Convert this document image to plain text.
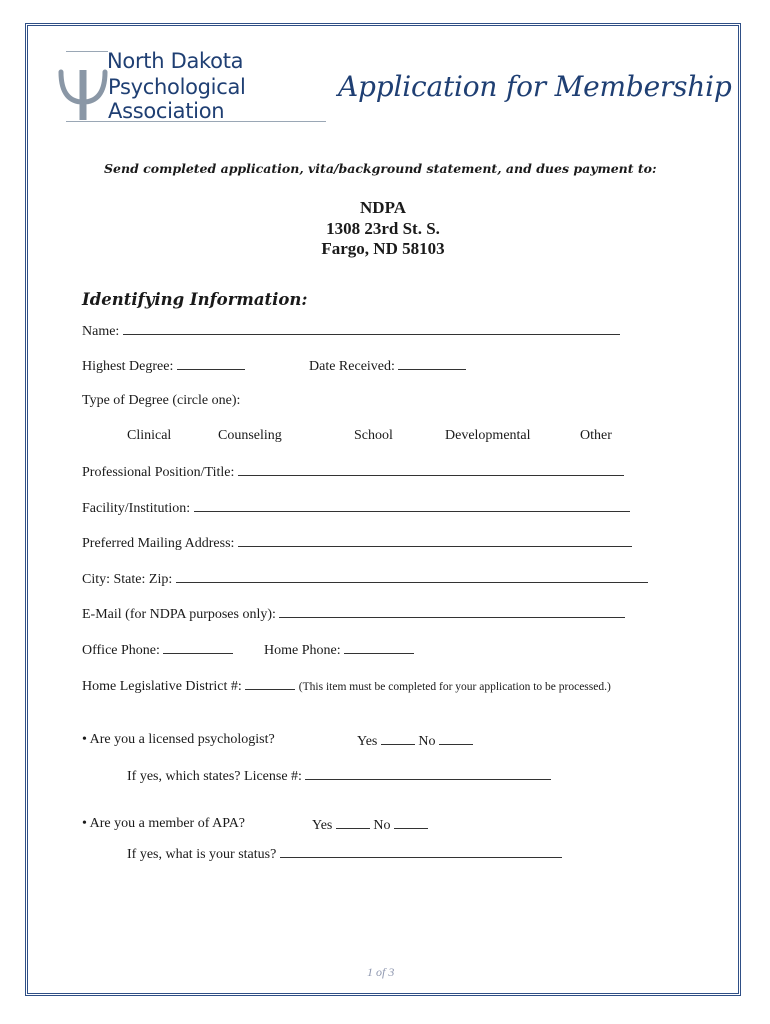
North Dakota
Psychological
Association
Application for Membership
Send completed application, vita/background statement, and dues payment to:
NDPA
1308 23rd St. S.
Fargo, ND 58103
Identifying Information:
Name:
Highest Degree:	Date Received:
Type of Degree (circle one):
Clinical	Counseling	School	Developmental	Other
Professional Position/Title:
Facility/Institution:
Preferred Mailing Address:
City: State: Zip:
E-Mail (for NDPA purposes only):
Office Phone:	Home Phone:
Home Legislative District #:	(This item must be completed for your application to be processed.)
• Are you a licensed psychologist?	Yes	No
If yes, which states? License #:
• Are you a member of APA?	Yes	No
If yes, what is your status?
1 of 3
